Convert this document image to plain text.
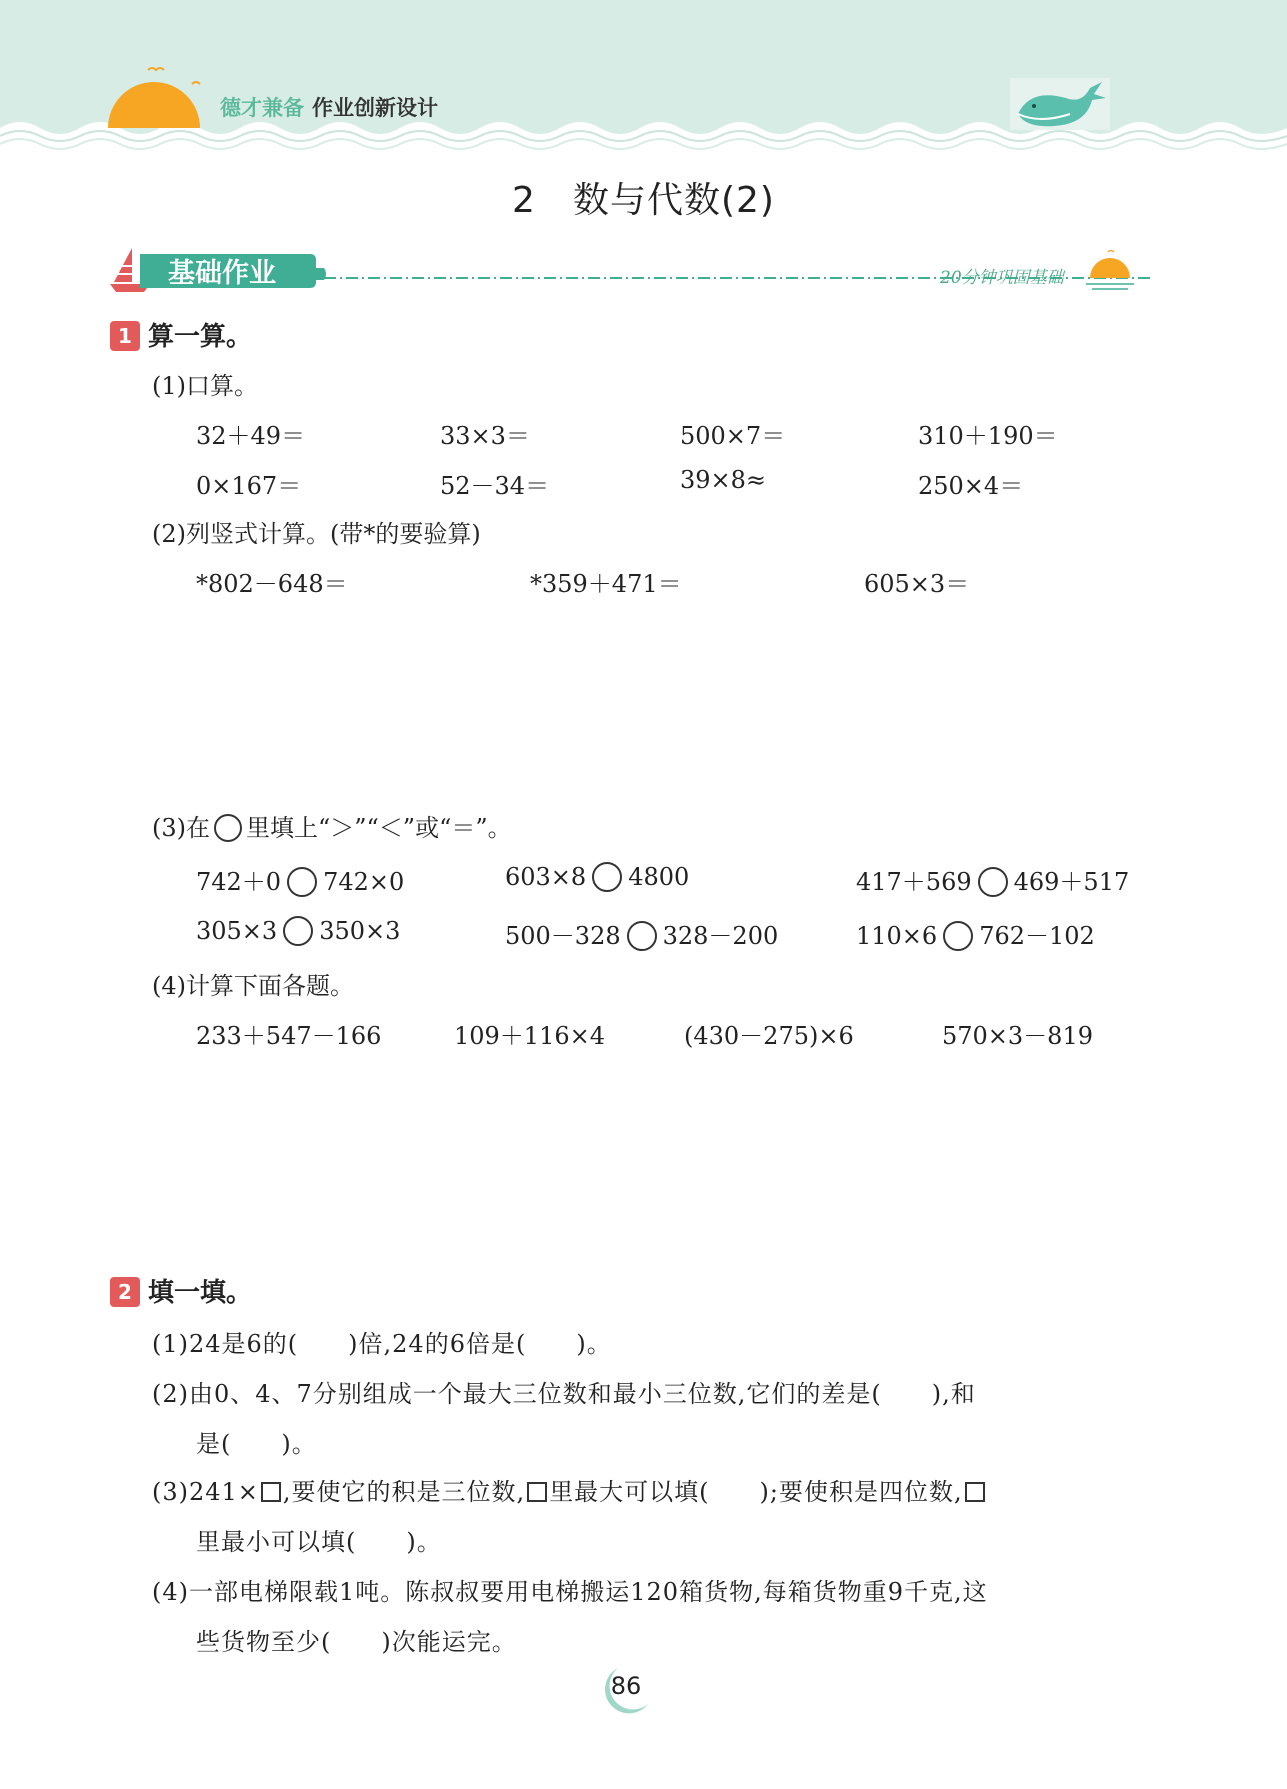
德才兼备 作业创新设计
2　数与代数(2)
基础作业	20分钟巩固基础
1 算一算。
(1)口算。
32＋49＝	33×3＝	500×7＝	310＋190＝
0×167＝	52－34＝	39×8≈	250×4＝
(2)列竖式计算。(带*的要验算)
*802－648＝	*359＋471＝	605×3＝
(3)在 里填上“＞”“＜”或“＝”。
742＋0 742×0	603×8 4800	417＋569 469＋517
305×3 350×3	500－328 328－200	110×6 762－102
(4)计算下面各题。
233＋547－166	109＋116×4	(430－275)×6	570×3－819
2 填一填。
(1)24是6的(　　)倍,24的6倍是(　　)。
(2)由0、4、7分别组成一个最大三位数和最小三位数,它们的差是(　　),和
是(　　)。
(3)241× ,要使它的积是三位数, 里最大可以填(　　);要使积是四位数,
里最小可以填(　　)。
(4)一部电梯限载1吨。陈叔叔要用电梯搬运120箱货物,每箱货物重9千克,这
些货物至少(　　)次能运完。
86
